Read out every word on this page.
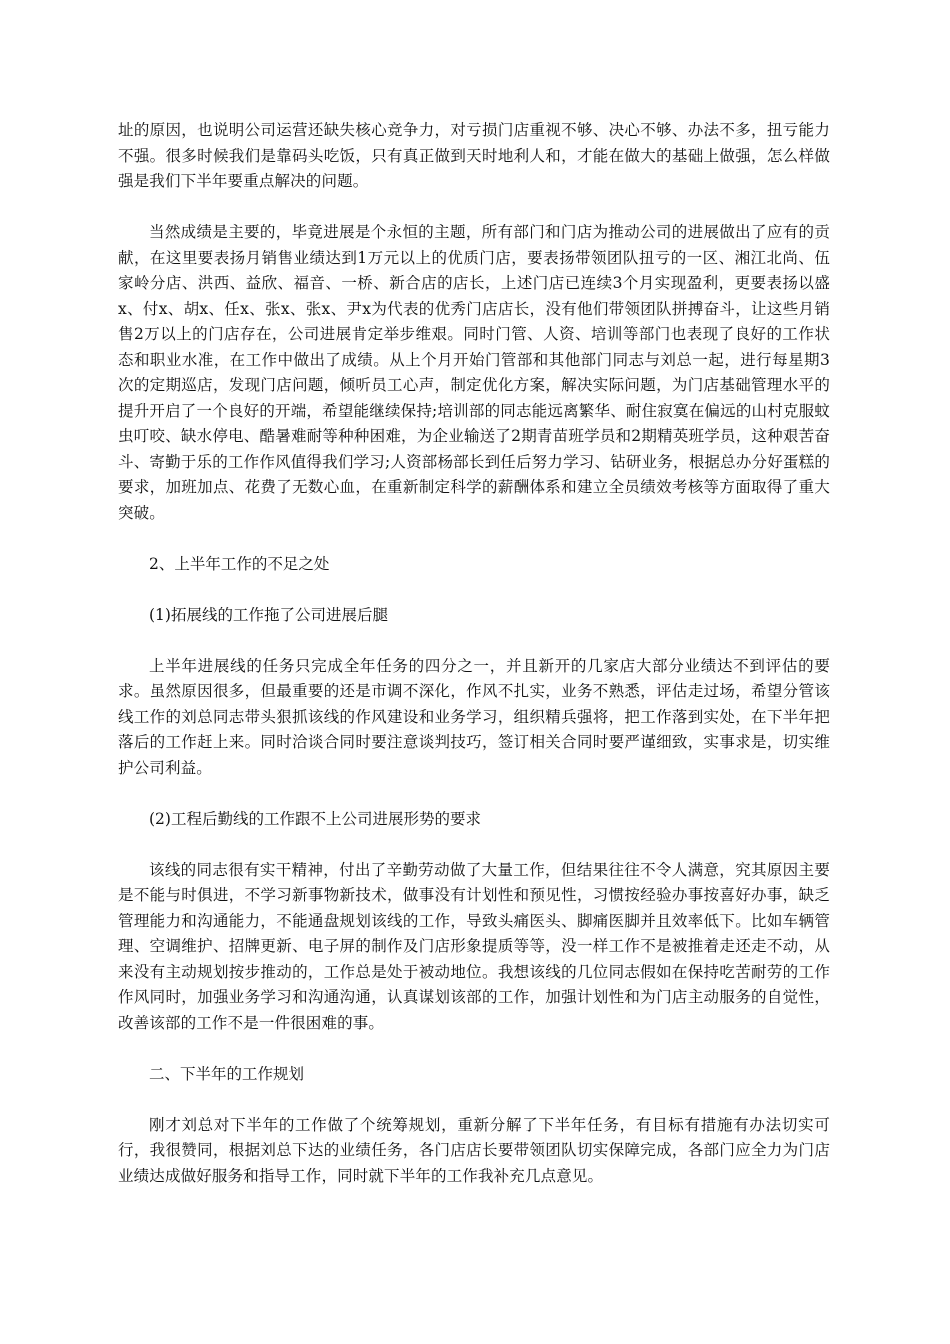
址的原因，也说明公司运营还缺失核心竞争力，对亏损门店重视不够、决心不够、办法不多，扭亏能力不强。很多时候我们是靠码头吃饭，只有真正做到天时地利人和，才能在做大的基础上做强，怎么样做强是我们下半年要重点解决的问题。

当然成绩是主要的，毕竟进展是个永恒的主题，所有部门和门店为推动公司的进展做出了应有的贡献，在这里要表扬月销售业绩达到1万元以上的优质门店，要表扬带领团队扭亏的一区、湘江北尚、伍家岭分店、洪西、益欣、福音、一桥、新合店的店长，上述门店已连续3个月实现盈利，更要表扬以盛x、付x、胡x、任x、张x、张x、尹x为代表的优秀门店店长，没有他们带领团队拼搏奋斗，让这些月销售2万以上的门店存在，公司进展肯定举步维艰。同时门管、人资、培训等部门也表现了良好的工作状态和职业水准，在工作中做出了成绩。从上个月开始门管部和其他部门同志与刘总一起，进行每星期3次的定期巡店，发现门店问题，倾听员工心声，制定优化方案，解决实际问题，为门店基础管理水平的提升开启了一个良好的开端，希望能继续保持;培训部的同志能远离繁华、耐住寂寞在偏远的山村克服蚊虫叮咬、缺水停电、酷暑难耐等种种困难，为企业输送了2期青苗班学员和2期精英班学员，这种艰苦奋斗、寄勤于乐的工作作风值得我们学习;人资部杨部长到任后努力学习、钻研业务，根据总办分好蛋糕的要求，加班加点、花费了无数心血，在重新制定科学的薪酬体系和建立全员绩效考核等方面取得了重大突破。

2、上半年工作的不足之处

(1)拓展线的工作拖了公司进展后腿

上半年进展线的任务只完成全年任务的四分之一，并且新开的几家店大部分业绩达不到评估的要求。虽然原因很多，但最重要的还是市调不深化，作风不扎实，业务不熟悉，评估走过场，希望分管该线工作的刘总同志带头狠抓该线的作风建设和业务学习，组织精兵强将，把工作落到实处，在下半年把落后的工作赶上来。同时洽谈合同时要注意谈判技巧，签订相关合同时要严谨细致，实事求是，切实维护公司利益。

(2)工程后勤线的工作跟不上公司进展形势的要求

该线的同志很有实干精神，付出了辛勤劳动做了大量工作，但结果往往不令人满意，究其原因主要是不能与时俱进，不学习新事物新技术，做事没有计划性和预见性，习惯按经验办事按喜好办事，缺乏管理能力和沟通能力，不能通盘规划该线的工作，导致头痛医头、脚痛医脚并且效率低下。比如车辆管理、空调维护、招牌更新、电子屏的制作及门店形象提质等等，没一样工作不是被推着走还走不动，从来没有主动规划按步推动的，工作总是处于被动地位。我想该线的几位同志假如在保持吃苦耐劳的工作作风同时，加强业务学习和沟通沟通，认真谋划该部的工作，加强计划性和为门店主动服务的自觉性，改善该部的工作不是一件很困难的事。

二、下半年的工作规划

刚才刘总对下半年的工作做了个统筹规划，重新分解了下半年任务，有目标有措施有办法切实可行，我很赞同，根据刘总下达的业绩任务，各门店店长要带领团队切实保障完成，各部门应全力为门店业绩达成做好服务和指导工作，同时就下半年的工作我补充几点意见。
